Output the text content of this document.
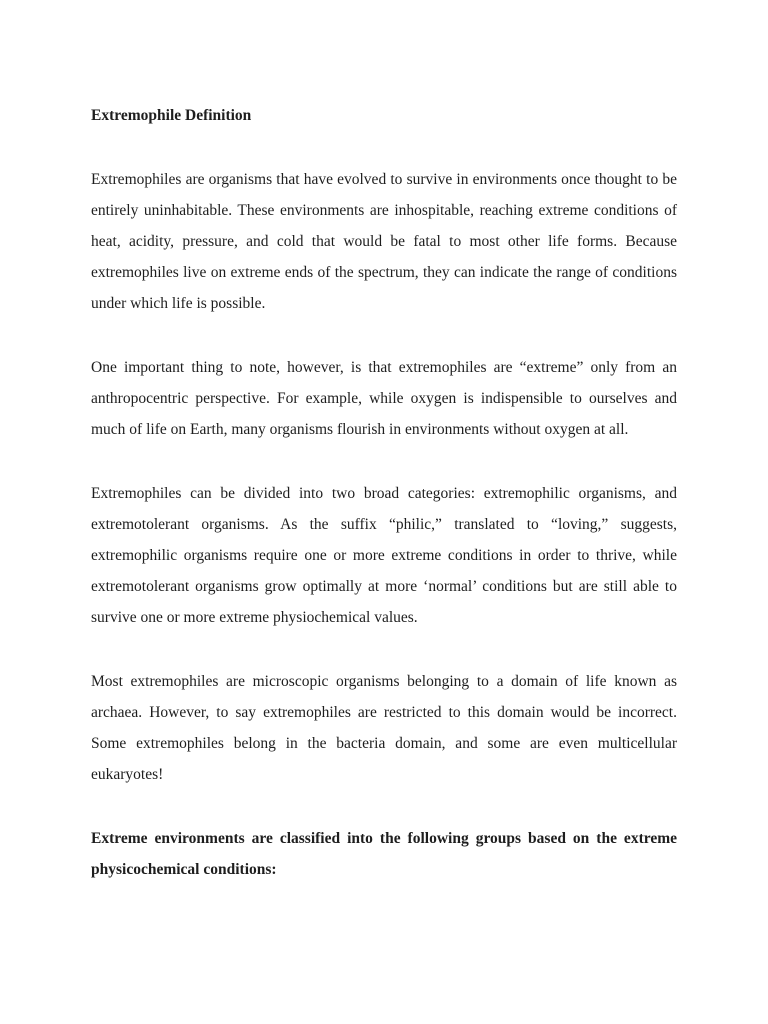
Extremophile Definition

Extremophiles are organisms that have evolved to survive in environments once thought to be entirely uninhabitable. These environments are inhospitable, reaching extreme conditions of heat, acidity, pressure, and cold that would be fatal to most other life forms. Because extremophiles live on extreme ends of the spectrum, they can indicate the range of conditions under which life is possible.

One important thing to note, however, is that extremophiles are “extreme” only from an anthropocentric perspective. For example, while oxygen is indispensible to ourselves and much of life on Earth, many organisms flourish in environments without oxygen at all.

Extremophiles can be divided into two broad categories: extremophilic organisms, and extremotolerant organisms. As the suffix “philic,” translated to “loving,” suggests, extremophilic organisms require one or more extreme conditions in order to thrive, while extremotolerant organisms grow optimally at more ‘normal’ conditions but are still able to survive one or more extreme physiochemical values.

Most extremophiles are microscopic organisms belonging to a domain of life known as archaea. However, to say extremophiles are restricted to this domain would be incorrect. Some extremophiles belong in the bacteria domain, and some are even multicellular eukaryotes!

Extreme environments are classified into the following groups based on the extreme physicochemical conditions:
